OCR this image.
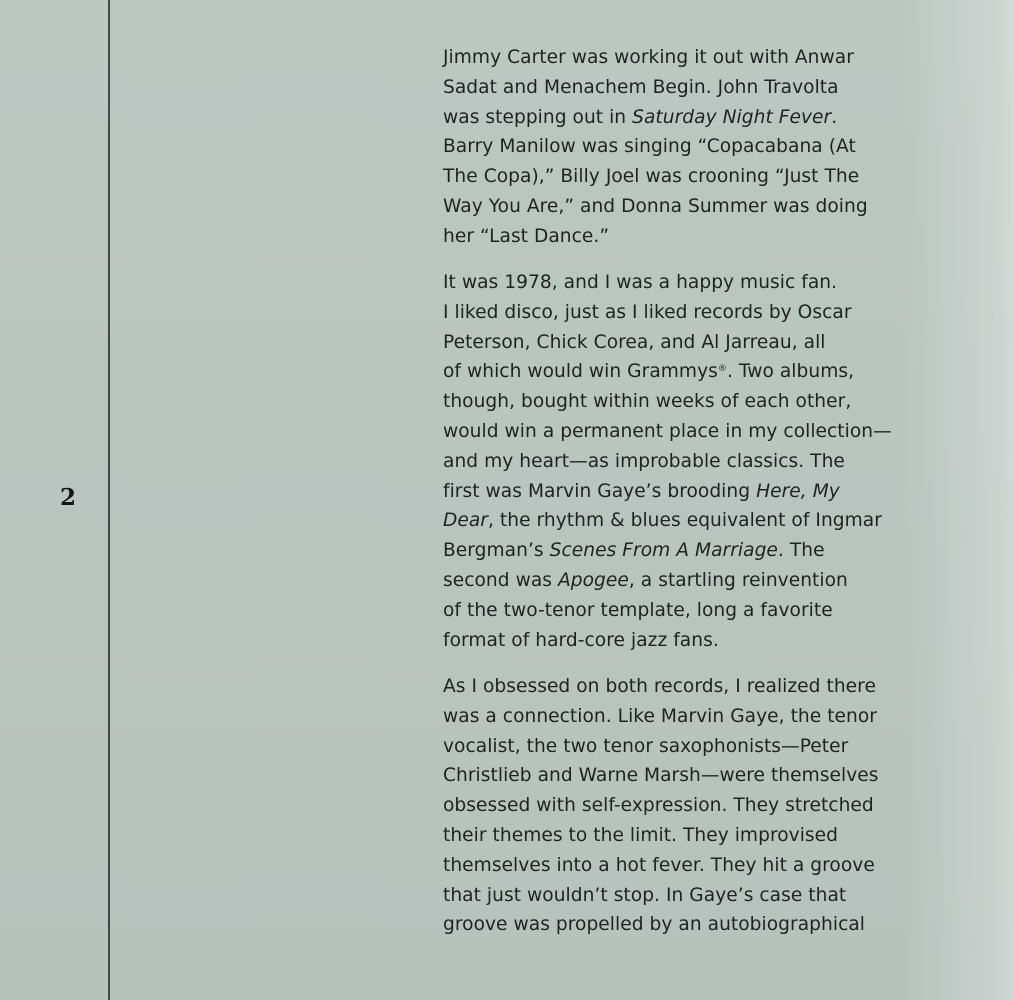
2

Jimmy Carter was working it out with Anwar
Sadat and Menachem Begin. John Travolta
was stepping out in Saturday Night Fever.
Barry Manilow was singing “Copacabana (At
The Copa),” Billy Joel was crooning “Just The
Way You Are,” and Donna Summer was doing
her “Last Dance.”

It was 1978, and I was a happy music fan.
I liked disco, just as I liked records by Oscar
Peterson, Chick Corea, and Al Jarreau, all
of which would win Grammys®. Two albums,
though, bought within weeks of each other,
would win a permanent place in my collection—
and my heart—as improbable classics. The
first was Marvin Gaye’s brooding Here, My
Dear, the rhythm & blues equivalent of Ingmar
Bergman’s Scenes From A Marriage. The
second was Apogee, a startling reinvention
of the two-tenor template, long a favorite
format of hard-core jazz fans.

As I obsessed on both records, I realized there
was a connection. Like Marvin Gaye, the tenor
vocalist, the two tenor saxophonists—Peter
Christlieb and Warne Marsh—were themselves
obsessed with self-expression. They stretched
their themes to the limit. They improvised
themselves into a hot fever. They hit a groove
that just wouldn’t stop. In Gaye’s case that
groove was propelled by an autobiographical
